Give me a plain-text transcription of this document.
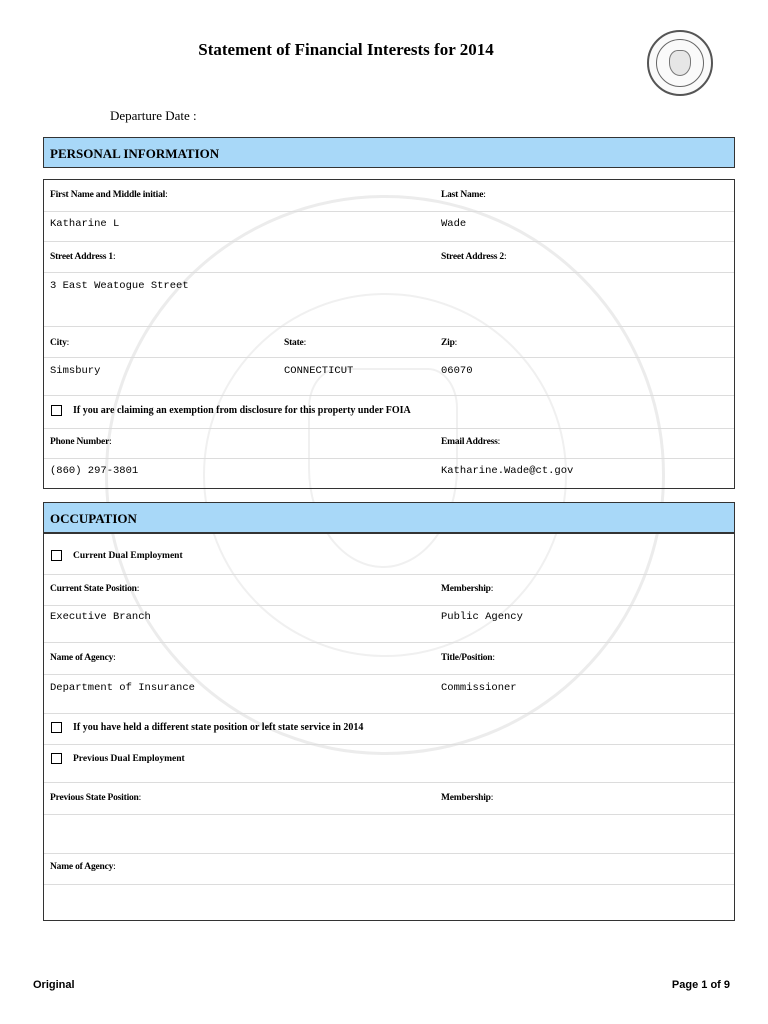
Statement of Financial Interests for 2014
Departure Date :
PERSONAL INFORMATION
First Name and Middle initial:	Last Name:
Katharine L	Wade
Street Address 1:	Street Address 2:
3 East Weatogue Street
City:	State:	Zip:
Simsbury	CONNECTICUT	06070
If you are claiming an exemption from disclosure for this property under FOIA
Phone Number:	Email Address:
(860) 297-3801	Katharine.Wade@ct.gov
OCCUPATION
Current Dual Employment
Current State Position:	Membership:
Executive Branch	Public Agency
Name of Agency:	Title/Position:
Department of Insurance	Commissioner
If you have held a different state position or left state service in 2014
Previous Dual Employment
Previous State Position:	Membership:
Name of Agency:
Original	Page 1 of 9
